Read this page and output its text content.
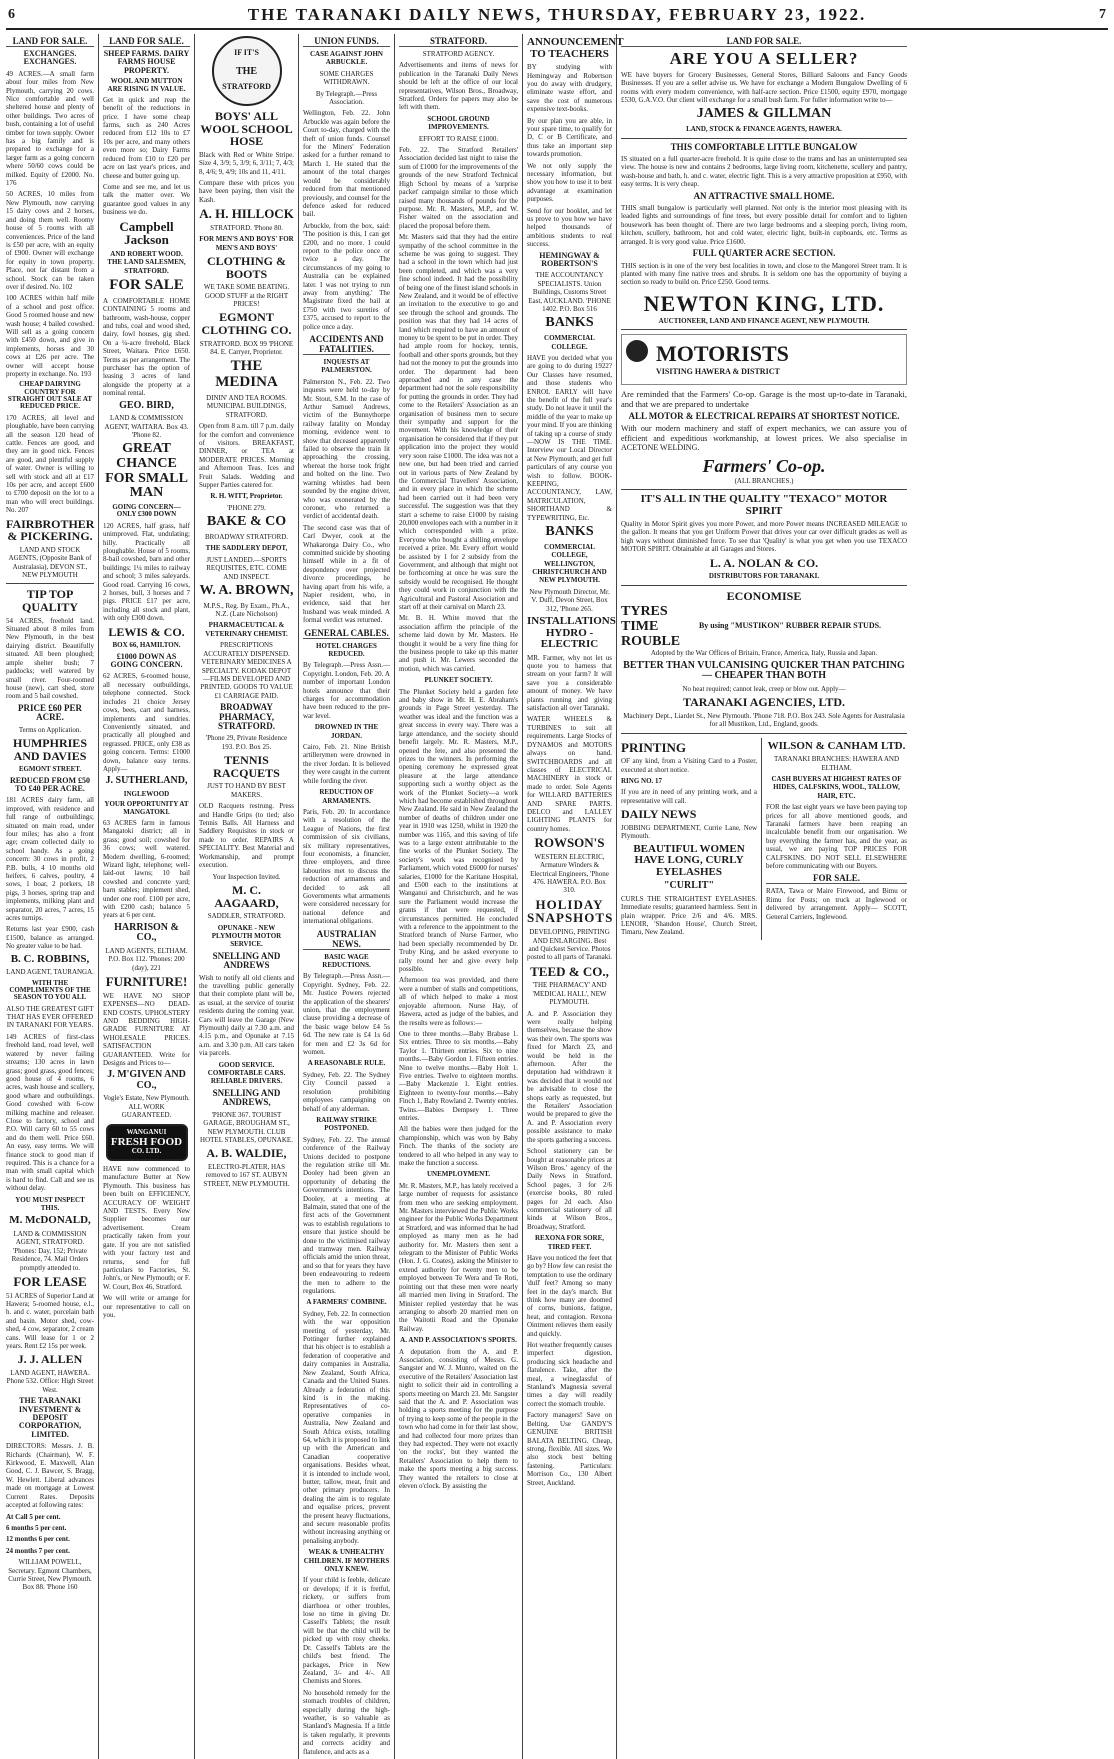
6	THE TARANAKI DAILY NEWS, THURSDAY, FEBRUARY 23, 1922.	7
LAND FOR SALE.
EXCHANGES. EXCHANGES.

49 ACRES.—A small farm about four miles from New Plymouth, carrying 20 cows. Nice comfortable and well sheltered house and plenty of other buildings. Two acres of bush, containing a lot of useful timber for town supply. Owner has a big family and is prepared to exchange for a larger farm as a going concern where 50/60 cows could be milked. Equity of £2000. No. 176

50 ACRES, 10 miles from New Plymouth, now carrying 15 dairy cows and 2 horses, and doing them well. Roomy house of 5 rooms with all conveniences. Price of the land is £50 per acre, with an equity of £900. Owner will exchange for equity in town property. Place, not far distant from a school. Stock can be taken over if desired. No. 102

100 ACRES within half mile of a school and post office. Good 5 roomed house and new wash house; 4 bailed cowshed. Will sell as a going concern with £450 down, and give in implements, horses and 30 cows at £26 per acre. The owner will accept house property in exchange. No. 193

CHEAP DAIRYING COUNTRY FOR STRAIGHT OUT SALE AT REDUCED PRICE.

170 ACRES, all level and ploughable, have been carrying all the season 120 head of cattle. Fences are good, and they are in good nick. Fences are good, and plentiful supply of water. Owner is willing to sell with stock and all at £17 10s per acre, and accept £600 to £700 deposit on the lot to a man who will erect buildings. No. 207

FAIRBROTHER & PICKERING.

LAND AND STOCK AGENTS, (Opposite Bank of Australasia), DEVON ST., NEW PLYMOUTH

TIP TOP QUALITY

54 ACRES, freehold land. Situated about 8 miles from New Plymouth, in the best dairying district. Beautifully situated. All been ploughed; ample shelter bush; 7 paddocks; well watered by small river. Four-roomed house (new), cart shed, store room and 5 bail cowshed.

PRICE £60 PER ACRE.

Terms on Application.

HUMPHRIES AND DAVIES

EGMONT STREET.

REDUCED FROM £50 TO £40 PER ACRE.

181 ACRES dairy farm, all improved, with residence and full range of outbuildings; situated on main road, under four miles; has also a front age; cream collected daily to school handy. As a going concern: 30 cows in profit, 2 P.B. bulls, 4 10 months old heifers, 6 calves, poultry, 4 sows, 1 boar, 2 porkers, 18 pigs, 3 horses, spring trap and implements, milking plant and separator, 20 acres, 7 acres, 15 acres turnips.

Returns last year £900, cash £1500, balance as arranged. No greater value to be had.

B. C. ROBBINS,

LAND AGENT, TAURANGA.

WITH THE COMPLIMENTS OF THE SEASON TO YOU ALL

ALSO THE GREATEST GIFT THAT HAS EVER OFFERED IN TARANAKI FOR YEARS.

149 ACRES of first-class freehold land, road level, well watered by never failing streams; 130 acres in lawn grass; good grass, good fences; good house of 4 rooms, 6 acres, wash house and scullery, good whare and outbuildings. Good cowshed with 6-cow milking machine and releaser. Close to factory, school and P.O. Will carry 60 to 55 cows and do them well. Price £60. An easy, easy terms. We will finance stock to good man if required. This is a chance for a man with small capital which is hard to find. Call and see us without delay.

YOU MUST INSPECT THIS.

M. McDONALD,

LAND & COMMISSION AGENT, STRATFORD. 'Phones: Day, 152; Private Residence, 74. Mail Orders promptly attended to.

FOR LEASE

51 ACRES of Superior Land at Hawera; 5-roomed house, e.l., h. and c. water, porcelain bath and basin. Motor shed, cow-shed, 4 cow, separator, 2 cream cans. Will lease for 1 or 2 years. Rent £2 15s per week.

J. J. ALLEN

LAND AGENT, HAWERA. Phone 532. Office: High Street West.

THE TARANAKI INVESTMENT & DEPOSIT CORPORATION, LIMITED.

DIRECTORS: Messrs. J. B. Richards (Chairman), W. F. Kirkwood, E. Maxwell, Alan Good, C. J. Bawcer, S. Bragg, W. Hewlett. Liberal advances made on mortgage at Lowest Current Rates. Deposits accepted at following rates:

At Call 5 per cent.

6 months 5 per cent.

12 months 6 per cent.

24 months 7 per cent.

WILLIAM POWELL, Secretary. Egmont Chambers, Currie Street, New Plymouth. Box 88. 'Phone 160

LAND FOR SALE.
SHEEP FARMS. DAIRY FARMS HOUSE PROPERTY.
WOOL AND MUTTON ARE RISING IN VALUE.

Get in quick and reap the benefit of the reductions in price. I have some cheap farms, such as 240 Acres reduced from £12 10s to £7 10s per acre, and many others even more so; Dairy Farms reduced from £10 to £20 per acre on last year's prices, and cheese and butter going up.

Come and see me, and let us talk the matter over. We guarantee good values in any business we do.

Campbell Jackson

AND ROBERT WOOD. THE LAND SALESMEN, STRATFORD.

FOR SALE

A COMFORTABLE HOME CONTAINING 5 rooms and bathroom, wash-house, copper and tubs, coal and wood shed, dairy, fowl houses, gig shed. On a ¼-acre freehold, Black Street, Waitara. Price £650. Terms as per arrangement. The purchaser has the option of leasing 3 acres of land alongside the property at a nominal rental.

GEO. BIRD,

LAND & COMMISSION AGENT, WAITARA. Box 43. 'Phone 82.

GREAT CHANCE FOR SMALL MAN
GOING CONCERN—ONLY £300 DOWN

120 ACRES, half grass, half unimproved. Flat, undulating; hilly. Practically all ploughable. House of 5 rooms, 8-bail cowshed, barn and other buildings; 1¼ miles to railway and school; 3 miles saleyards. Good road. Carrying 16 cows, 2 horses, bull, 3 horses and 7 pigs. PRICE £17 per acre, including all stock and plant, with only £300 down.

LEWIS & CO.

BOX 66, HAMILTON.

£1000 DOWN AS GOING CONCERN.

62 ACRES, 6-roomed house, all necessary outbuildings, telephone connected. Stock includes 21 choice Jersey cows, bees, cart and harness, implements and sundries. Conveniently situated, and practically all ploughed and regrassed. PRICE, only £38 as going concern. Terms: £1000 down, balance easy terms. Apply—

J. SUTHERLAND,

INGLEWOOD

YOUR OPPORTUNITY AT MANGATOKI.

63 ACRES farm in famous Mangatoki district; all in grass; good soil; cowshed for 36 cows; well watered. Modern dwelling, 6-roomed; Wizard light, telephone; well-laid-out lawns; 10 bail cowshed and concrete yard; barn stables; implement shed, under one roof. £100 per acre, with £200 cash; balance 5 years at 6 per cent.

HARRISON & CO.,

LAND AGENTS, ELTHAM. P.O. Box 112. 'Phones: 200 (day), 221

FURNITURE!

WE HAVE NO SHOP EXPENSES—NO DEAD-END COSTS. UPHOLSTERY AND BEDDING HIGH-GRADE FURNITURE AT WHOLESALE PRICES. SATISFACTION GUARANTEED. Write for Designs and Prices to—

J. M'GIVEN AND CO.,

Vogle's Estate, New Plymouth. ALL WORK GUARANTEED.

WANGANUI
FRESH FOOD
CO. LTD.

HAVE now commenced to manufacture Butter at New Plymouth. This business has been built on EFFICIENCY, ACCURACY OF WEIGHT AND TESTS. Every New Supplier becomes our advertisement. Cream practically taken from your gate. If you are not satisfied with your factory test and returns, send for full particulars to Factories, St. John's, or New Plymouth; or F. W. Court, Box 46, Stratford.

We will write or arrange for our representative to call on you.

IF IT'S
THE
STRATFORD
BOYS' ALL WOOL SCHOOL HOSE

Black with Red or White Stripe. Size 4, 3/9; 5, 3/9; 6, 3/11; 7, 4/3; 8, 4/6; 9, 4/9; 10s and 11, 4/11.

Compare these with prices you have been paying, then visit the Kash.

A. H. HILLOCK

STRATFORD. 'Phone 80.

FOR MEN'S AND BOYS' FOR MEN'S AND BOYS'

CLOTHING & BOOTS

WE TAKE SOME BEATING. GOOD STUFF at the RIGHT PRICES!

EGMONT CLOTHING CO.

STRATFORD. BOX 99 'PHONE 84. E. Carryer, Proprietor.

THE MEDINA

DININ' AND TEA ROOMS. MUNICIPAL BUILDINGS, STRATFORD.

Open from 8 a.m. till 7 p.m. daily for the comfort and convenience of visitors. BREAKFAST, DINNER, or TEA at MODERATE PRICES. Morning and Afternoon Teas. Ices and Fruit Salads. Wedding and Supper Parties catered for.

R. H. WITT, Proprietor.

'PHONE 279.

BAKE & CO

BROADWAY STRATFORD.

THE SADDLERY DEPOT,

JUST LANDED.—SPORTS REQUISITES, ETC. COME AND INSPECT.

W. A. BROWN,

M.P.S., Reg. By Exam., Ph.A., N.Z. (Late Nicholson)

PHARMACEUTICAL & VETERINARY CHEMIST.

PRESCRIPTIONS ACCURATELY DISPENSED. VETERINARY MEDICINES A SPECIALTY. KODAK DEPOT—FILMS DEVELOPED AND PRINTED. GOODS TO VALUE £1 CARRIAGE PAID.

BROADWAY PHARMACY, STRATFORD.

'Phone 29, Private Residence 193. P.O. Box 25.

TENNIS RACQUETS

JUST TO HAND BY BEST MAKERS.

OLD Racquets restrung. Press and Handle Grips (to tied; also Tennis Balls. All Harness and Saddlery Requisites in stock or made to order. REPAIRS A SPECIALITY. Best Material and Workmanship, and prompt execution.

Your Inspection Invited.

M. C. AAGAARD,

SADDLER, STRATFORD.

OPUNAKE - NEW PLYMOUTH MOTOR SERVICE.

SNELLING AND ANDREWS

Wish to notify all old clients and the travelling public generally that their complete plant will be, as usual, at the service of tourist residents during the coming year. Cars will leave the Garage (New Plymouth) daily at 7.30 a.m. and 4.15 p.m., and Opunake at 7.15 a.m. and 3.30 p.m. All cars taken via parcels.

GOOD SERVICE. COMFORTABLE CARS. RELIABLE DRIVERS.

SNELLING AND ANDREWS,

'PHONE 367. TOURIST GARAGE, BROUGHAM ST., NEW PLYMOUTH. CLUB HOTEL STABLES, OPUNAKE.

A. B. WALDIE,

ELECTRO-PLATER, HAS removed to 167 ST. AUBYN STREET, NEW PLYMOUTH.

UNION FUNDS.

CASE AGAINST JOHN ARBUCKLE.

SOME CHARGES WITHDRAWN.

By Telegraph.—Press Association.

Wellington, Feb. 22. John Arbuckle was again before the Court to-day, charged with the theft of union funds. Counsel for the Miners' Federation asked for a further remand to March 1. He stated that the amount of the total charges would be considerably reduced from that mentioned previously, and counsel for the defence asked for reduced bail.

Arbuckle, from the box, said: 'The position is this, I can get £200, and no more. I could report to the police once or twice a day. The circumstances of my going to Australia can be explained later. I was not trying to run away from anything.' The Magistrate fixed the bail at £750 with two sureties of £375, accused to report to the police once a day.

ACCIDENTS AND FATALITIES.

INQUESTS AT PALMERSTON.

Palmerston N., Feb. 22. Two inquests were held to-day by Mr. Stout, S.M. In the case of Arthur Samuel Andrews, victim of the Bunnythorpe railway fatality on Monday morning, evidence went to show that deceased apparently failed to observe the train lit approaching the crossing, whereat the horse took fright and bolted on the line. Two warning whistles had been sounded by the engine driver, who was exonerated by the coroner, who returned a verdict of accidental death.

The second case was that of Carl Dwyer, cook at the Whakaronga Dairy Co., who committed suicide by shooting himself while in a fit of despondency over projected divorce proceedings, he having apart from his wife, a Napier resident, who, in evidence, said that her husband was weak minded. A formal verdict was returned.

GENERAL CABLES.

HOTEL CHARGES REDUCED.

By Telegraph.—Press Assn.—Copyright. London, Feb. 20. A number of important London hotels announce that their charges for accommodation have been reduced to the pre-war level.

DROWNED IN THE JORDAN.

Cairo, Feb. 21. Nine British artillerymen were drowned in the river Jordan. It is believed they were caught in the current while fording the river.

REDUCTION OF ARMAMENTS.

Paris, Feb. 20. In accordance with a resolution of the League of Nations, the first commission of six civilians, six military representatives, four economists, a financier, three employers, and three labourites met to discuss the reduction of armaments and decided to ask all Governments what armaments were considered necessary for national defence and international obligations.

AUSTRALIAN NEWS.

BASIC WAGE REDUCTIONS.

By Telegraph.—Press Assn.—Copyright. Sydney, Feb. 22. Mr. Justice Powers rejected the application of the shearers' union, that the employment clause providing a decrease of the basic wage below £4 5s 6d. The new rate is £4 1s 6d for men and £2 3s 6d for women.

A REASONABLE RULE.

Sydney, Feb. 22. The Sydney City Council passed a resolution prohibiting employees campaigning on behalf of any alderman.

RAILWAY STRIKE POSTPONED.

Sydney, Feb. 22. The annual conference of the Railway Unions decided to postpone the regulation strike till Mr. Dooley had been given an opportunity of debating the Government's intentions. The Dooley, at a meeting at Balmain, stated that one of the first acts of the Government was to establish regulations to ensure that justice should be done to the victimised railway and tramway men. Railway officials amid the union threat, and so that for years they have been endeavouring to redeem the men to adhere to the regulations.

A FARMERS' COMBINE.

Sydney, Feb. 22. In connection with the war opposition meeting of yesterday, Mr. Pottinger further explained that his object is to establish a federation of cooperative and dairy companies in Australia, New Zealand, South Africa, Canada and the United States. Already a federation of this kind is in the making. Representatives of co-operative companies in Australia, New Zealand and South Africa exists, totalling 64, which it is proposed to link up with the American and Canadian cooperative organisations. Besides wheat, it is intended to include wool, butter, tallow, meat, fruit and other primary producers. In dealing the aim is to regulate and equalise prices, prevent the present heavy fluctuations, and secure reasonable profits without increasing anything or penalising anybody.

WEAK & UNHEALTHY CHILDREN. IF MOTHERS ONLY KNEW.

If your child is feeble, delicate or develops; if it is fretful, rickety, or suffers from diarrhoea or other troubles, lose no time in giving Dr. Cassell's Tablets; the result will be that the child will be picked up with rosy cheeks. Dr. Cassell's Tablets are the child's best friend. The packages, Price in New Zealand, 3/- and 4/-. All Chemists and Stores.

No household remedy for the stomach troubles of children, especially during the high-weather, is so valuable as Stanland's Magnesia. If a little is taken regularly, it prevents and corrects acidity and flatulence, and acts as a

STRATFORD.

STRATFORD AGENCY.

Advertisements and items of news for publication in the Taranaki Daily News should be left at the office of our local representatives, Wilson Bros., Broadway, Stratford. Orders for papers may also be left with them.

SCHOOL GROUND IMPROVEMENTS.

EFFORT TO RAISE £1000.

Feb. 22. The Stratford Retailers' Association decided last night to raise the sum of £1000 for the improvements of the grounds of the new Stratford Technical High School by means of a 'surprise packet' campaign similar to those which raised many thousands of pounds for the purpose. Mr. R. Masters, M.P., and W. Fisher waited on the association and placed the proposal before them.

Mr. Masters said that they had the entire sympathy of the school committee in the scheme he was going to suggest. They had a school in the town which had just been completed, and which was a very fine school indeed. It had the possibility of being one of the finest island schools in New Zealand, and it would be of effective an invitation to the executive to go and see through the school and grounds. The position was that they had 14 acres of land which required to have an amount of money to be spent to be put in order. They had ample room for hockey, tennis, football and other sports grounds, but they had not the money to put the grounds into order. The department had been approached and in any case the department had not the sole responsibility for putting the grounds in order. They had come to the Retailers' Association as an organisation of business men to secure their sympathy and support for the movement. With his knowledge of their organisation he considered that if they put application into the project they would very soon raise £1000. The idea was not a new one, but had been tried and carried out in various parts of New Zealand by the Commercial Travellers' Association, and in every place in which the scheme had been carried out it had been very successful. The suggestion was that they start a scheme to raise £1000 by raising 20,000 envelopes each with a number in it which corresponded with a prize. Everyone who bought a shilling envelope received a prize. Mr. Every effort would be assisted by 1 for 2 subsidy from the Government, and although that might not be forthcoming at once he was sure the subsidy would be recognised. He thought they could work in conjunction with the Agricultural and Pastoral Association and start off at their carnival on March 23.

Mr. B. H. White moved that the association affirm the principle of the scheme laid down by Mr. Masters. He thought it would be a very fine thing for the business people to take up this matter and push it. Mr. Lewers seconded the motion, which was carried.

PLUNKET SOCIETY.

The Plunket Society held a garden fete and baby show in Mr. H. E. Abraham's grounds in Page Street yesterday. The weather was ideal and the function was a great success in every way. There was a large attendance, and the society should benefit largely. Mr. R. Masters, M.P., opened the fete, and also presented the prizes to the winners. In performing the opening ceremony he expressed great pleasure at the large attendance supporting such a worthy object as the work of the Plunket Society—a work which had become established throughout New Zealand. He said in New Zealand the number of deaths of children under one year in 1910 was 1250, whilst in 1920 the number was 1165, and this saving of life was to a large extent attributable to the fine works of the Plunket Society. The society's work was recognised by Parliament, which voted £6000 for nurses' salaries, £1000 for the Karitane Hospital, and £500 each to the institutions at Wanganui and Christchurch, and he was sure the Parliament would increase the grants if that were requested, if circumstances permitted. He concluded with a reference to the appointment to the Stratford branch of Nurse Farmer, who had been specially recommended by Dr. Truby King, and he asked everyone to rally round her and give every help possible.

Afternoon tea was provided, and there were a number of stalls and competitions, all of which helped to make a most enjoyable afternoon. Nurse Hay, of Hawera, acted as judge of the babies, and the results were as follows:—

One to three months.—Baby Brabase 1. Six entries. Three to six months.—Baby Taylor 1. Thirteen entries. Six to nine months.—Baby Gordon 1. Fifteen entries. Nine to twelve months.—Baby Holt 1. Five entries. Twelve to eighteen months.—Baby Mackenzie 1. Eight entries. Eighteen to twenty-four months.—Baby Finch 1, Baby Rowland 2. Twenty entries. Twins.—Babies Dempsey 1. Three entries.

All the babies were then judged for the championship, which was won by Baby Finch. The thanks of the society are tendered to all who helped in any way to make the function a success.

UNEMPLOYMENT.

Mr. R. Masters, M.P., has lately received a large number of requests for assistance from men who are seeking employment. Mr. Masters interviewed the Public Works engineer for the Public Works Department at Stratford, and was informed that he had employed as many men as he had authority for. Mr. Masters then sent a telegram to the Minister of Public Works (Hon. J. G. Coates), asking the Minister to extend authority for twenty men to be employed between Te Wera and Te Roti, pointing out that these men were nearly all married men living in Stratford. The Minister replied yesterday that he was arranging to absorb 20 married men on the Waitotii Road and the Opunake Railway.

A. AND P. ASSOCIATION'S SPORTS.

A deputation from the A. and P. Association, consisting of Messrs. G. Sangster and W. J. Munro, waited on the executive of the Retailers' Association last night to solicit their aid in controlling a sports meeting on March 23. Mr. Sangster said that the A. and P. Association was holding a sports meeting for the purpose of trying to keep some of the people in the town who had come in for their last show, and had collected four more prizes than they had expected. They were not exactly 'on the rocks', but they wanted the Retailers' Association to help them to make the sports meeting a big success. They wanted the retailers to close at eleven o'clock. By assisting the

ANNOUNCEMENT TO TEACHERS

BY studying with Hemingway and Robertson you do away with drudgery, eliminate waste effort, and save the cost of numerous expensive text-books.

By our plan you are able, in your spare time, to qualify for D, C or B Certificate, and thus take an important step towards promotion.

We not only supply the necessary information, but show you how to use it to best advantage at examination purposes.

Send for our booklet, and let us prove to you how we have helped thousands of ambitious students to real success.

HEMINGWAY & ROBERTSON'S

THE ACCOUNTANCY SPECIALISTS. Union Buildings, Customs Street East, AUCKLAND. 'PHONE 1402. P.O. Box 516

BANKS

COMMERCIAL COLLEGE.

HAVE you decided what you are going to do during 1922? Our Classes have resumed, and those students who ENROL EARLY will have the benefit of the full year's study. Do not leave it until the middle of the year to make up your mind. If you are thinking of taking up a course of study—NOW IS THE TIME. Interview our Local Director at New Plymouth, and get full particulars of any course you wish to follow. BOOK-KEEPING, ACCOUNTANCY, LAW, MATRICULATION, SHORTHAND & TYPEWRITING, Etc.

BANKS

COMMERCIAL COLLEGE, WELLINGTON, CHRISTCHURCH AND NEW PLYMOUTH.

New Plymouth Director, Mr. V. Duff, Devon Street, Box 312, 'Phone 265.

INSTALLATIONS HYDRO - ELECTRIC

MR. Farmer, why not let us quote you to harness that stream on your farm? It will save you a considerable amount of money. We have plants running and giving satisfaction all over Taranaki.

WATER WHEELS & TURBINES to suit all requirements. Large Stocks of DYNAMOS and MOTORS always on hand. SWITCHBOARDS and all classes of ELECTRICAL MACHINERY in stock or made to order. Sole Agents for WILLARD BATTERIES AND SPARE PARTS. DELCO and LALLEY LIGHTING PLANTS for country homes.

ROWSON'S

WESTERN ELECTRIC, Armature Winders & Electrical Engineers, 'Phone 476. HAWERA. P.O. Box 310.

HOLIDAY SNAPSHOTS

DEVELOPING, PRINTING AND ENLARGING. Best and Quickest Service. Photos posted to all parts of Taranaki.

TEED & CO.,

'THE PHARMACY' AND 'MEDICAL HALL', NEW PLYMOUTH.

A. and P. Association they were really helping themselves, because the show was their own. The sports was fixed for March 23, and would be held in the afternoon. After the deputation had withdrawn it was decided that it would not be advisable to close the shops early as requested, but the Retailers' Association would be prepared to give the A. and P. Association every possible assistance to make the sports gathering a success.

School stationery can be bought at reasonable prices at Wilson Bros.' agency of the Daily News in Stratford. School pages, 3 for 2/6 (exercise books, 80 ruled pages for 2d each. Also commercial stationery of all kinds at Wilson Bros., Broadway, Stratford.

REXONA FOR SORE, TIRED FEET.

Have you noticed the feet that go by? How few can resist the temptation to use the ordinary 'dull' feet? Among so many feet in the day's march. But think how many are doomed of corns, bunions, fatigue, heat, and contagion. Rexona Ointment relieves them easily and quickly.

Hot weather frequently causes imperfect digestion, producing sick headache and flatulence. Take, after the meal, a wineglassful of Stanland's Magnesia several times a day will readily correct the stomach trouble.

Factory managers! Save on Belting. Use GANDY'S GENUINE BRITISH BALATA BELTING. Cheap, strong, flexible. All sizes. We also stock best belting fastening. Particulars: Morrison Co., 130 Albert Street, Auckland.

LAND FOR SALE.
ARE YOU A SELLER?

WE have buyers for Grocery Businesses, General Stores, Billiard Saloons and Fancy Goods Businesses. If you are a seller advise us. We have for exchange a Modern Bungalow Dwelling of 6 rooms with every modern convenience, with half-acre section. Price £1500, equity £970, mortgage £530, G.A.V.O. Our client will exchange for a small bush farm. For fuller information write to—

JAMES & GILLMAN

LAND, STOCK & FINANCE AGENTS, HAWERA.

THIS COMFORTABLE LITTLE BUNGALOW

IS situated on a full quarter-acre freehold. It is quite close to the trams and has an uninterrupted sea view. The house is new and contains 2 bedrooms, large living room, kitchenette, scullery and pantry, wash-house and bath, h. and c. water, electric light. This is a very attractive proposition at £950, with easy terms. It is very cheap.

AN ATTRACTIVE SMALL HOME.

THIS small bungalow is particularly well planned. Not only is the interior most pleasing with its leaded lights and surroundings of fine trees, but every possible detail for comfort and to lighten housework has been thought of. There are two large bedrooms and a sleeping porch, living room, kitchen, scullery, bathroom, hot and cold water, electric light, built-in cupboards, etc. Terms as arranged. It is very good value. Price £1600.

FULL QUARTER ACRE SECTION.

THIS section is in one of the very best localities in town, and close to the Mangorei Street tram. It is planted with many fine native trees and shrubs. It is seldom one has the opportunity of buying a section so ready to build on. Price £250. Good terms.

NEWTON KING, LTD.

AUCTIONEER, LAND AND FINANCE AGENT, NEW PLYMOUTH.

MOTORISTS
VISITING HAWERA & DISTRICT

Are reminded that the Farmers' Co-op. Garage is the most up-to-date in Taranaki, and that we are prepared to undertake

ALL MOTOR & ELECTRICAL REPAIRS AT SHORTEST NOTICE.

With our modern machinery and staff of expert mechanics, we can assure you of efficient and expeditious workmanship, at lowest prices. We also specialise in ACETONE WELDING.

Farmers' Co-op.

(ALL BRANCHES.)

IT'S ALL IN THE QUALITY "TEXACO" MOTOR SPIRIT

Quality in Motor Spirit gives you more Power, and more Power means INCREASED MILEAGE to the gallon. It means that you get Uniform Power that drives your car over difficult grades as well as high ways without diminished force. To see that 'Quality' is what you get when you use TEXACO MOTOR SPIRIT. Obtainable at all Garages and Stores.

L. A. NOLAN & CO.

DISTRIBUTORS FOR TARANAKI.

ECONOMISE
TYRES TIME ROUBLE

By using "MUSTIKON" RUBBER REPAIR STUDS.

Adopted by the War Offices of Britain, France, America, Italy, Russia and Japan.

BETTER THAN VULCANISING QUICKER THAN PATCHING — CHEAPER THAN BOTH

No heat required; cannot leak, creep or blow out. Apply—

TARANAKI AGENCIES, LTD.

Machinery Dept., Liardet St., New Plymouth. 'Phone 718. P.O. Box 243. Sole Agents for Australasia for all Mustikon, Ltd., England, goods.

PRINTING

OF any kind, from a Visiting Card to a Poster, executed at short notice.

RING NO. 17

If you are in need of any printing work, and a representative will call.

DAILY NEWS

JOBBING DEPARTMENT, Currie Lane, New Plymouth.

BEAUTIFUL WOMEN HAVE LONG, CURLY EYELASHES
"CURLIT"

CURLS THE STRAIGHTEST EYELASHES. Immediate results; guaranteed harmless. Sent in plain wrapper. Price 2/6 and 4/6. MRS. LENOIR, 'Shandon House', Church Street, Timaru, New Zealand.

WILSON & CANHAM LTD.

TARANAKI BRANCHES: HAWERA AND ELTHAM.

CASH BUYERS AT HIGHEST RATES OF HIDES, CALFSKINS, WOOL, TALLOW, HAIR, ETC.

FOR the last eight years we have been paying top prices for all above mentioned goods, and Taranaki farmers have been reaping an incalculable benefit from our organisation. We buy everything the farmer has, and the year, as usual, we are paying TOP PRICES FOR CALFSKINS. DO NOT SELL ELSEWHERE before communicating with our Buyers.

FOR SALE.

RATA, Tawa or Maire Firewood, and Bimu or Rimu for Posts; on truck at Inglewood or delivered by arrangement. Apply— SCOTT, General Carriers, Inglewood.
